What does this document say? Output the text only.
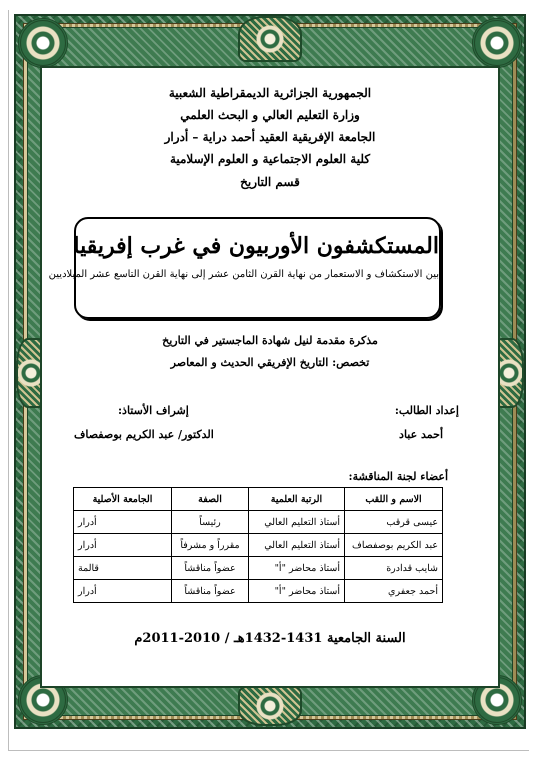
الجمهورية الجزائرية الديمقراطية الشعبية
وزارة التعليم العالي و البحث العلمي
الجامعة الإفريقية العقيد أحمد دراية – أدرار
كلية العلوم الاجتماعية و العلوم الإسلامية
قسم التاريخ
المستكشفون الأوربيون في غرب إفريقيا
بين الاستكشاف و الاستعمار من نهاية القرن الثامن عشر إلى نهاية القرن التاسع عشر الميلاديين
مذكرة مقدمة لنيل شهادة الماجستير في التاريخ
تخصص: التاريخ الإفريقي الحديث و المعاصر
إعداد الطالب:
أحمد عباد
إشراف الأستاذ:
الدكتور/ عبد الكريم بوصفصاف
أعضاء لجنة المناقشة:
الاسم و اللقب	الرتبة العلمية	الصفة	الجامعة الأصلية
عيسى قرقب	أستاذ التعليم العالي	رئيساً	أدرار
عبد الكريم بوصفصاف	أستاذ التعليم العالي	مقرراً و مشرفاً	أدرار
شايب قدادرة	أستاذ محاضر "أ"	عضواً مناقشاً	قالمة
أحمد جعفري	أستاذ محاضر "أ"	عضواً مناقشاً	أدرار
السنة الجامعية 1431-1432هـ / 2010-2011م
